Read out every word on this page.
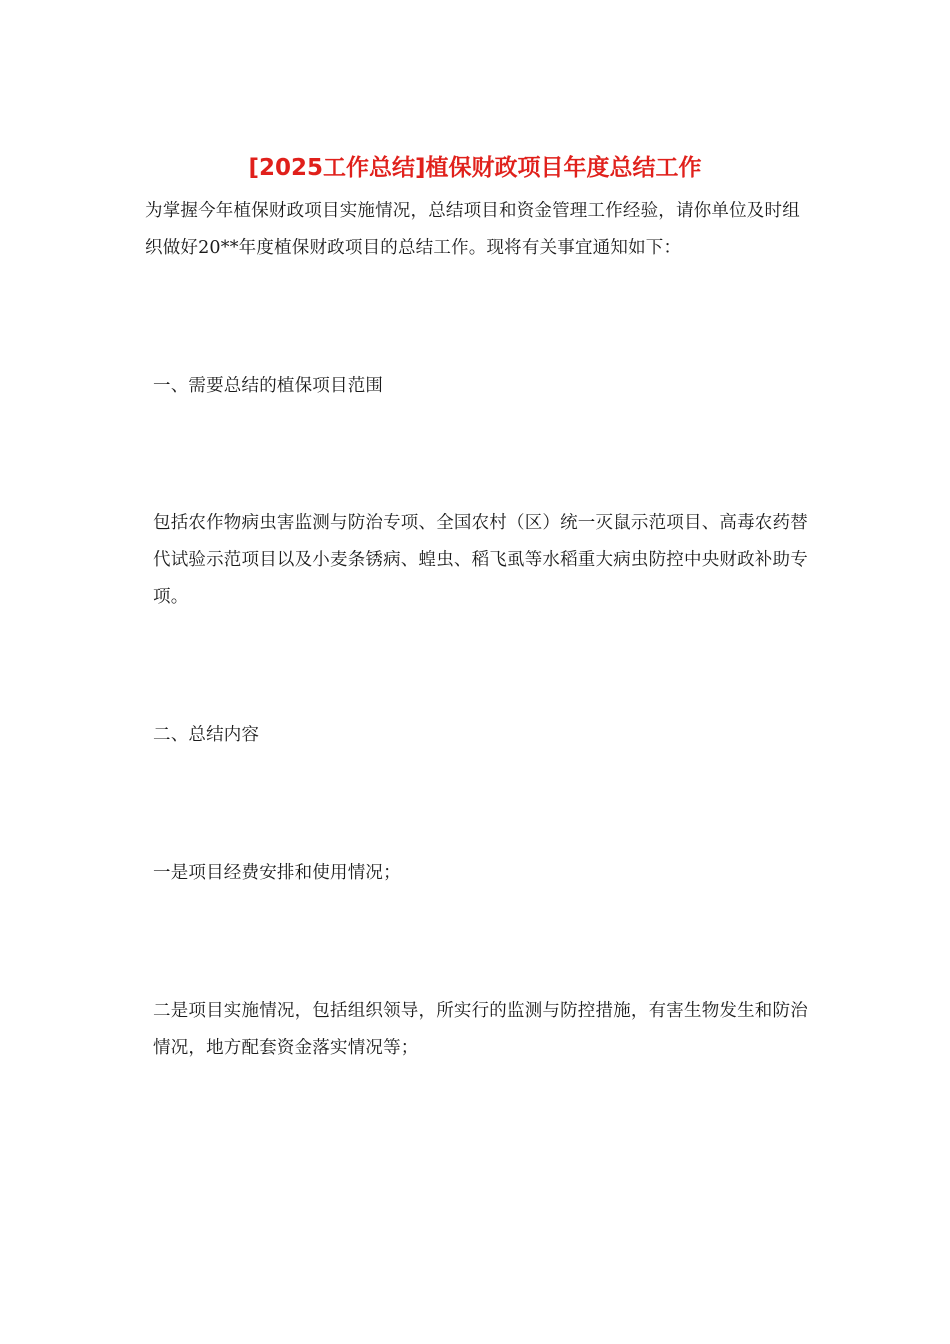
[2025工作总结]植保财政项目年度总结工作

为掌握今年植保财政项目实施情况，总结项目和资金管理工作经验，请你单位及时组织做好20**年度植保财政项目的总结工作。现将有关事宜通知如下：

一、需要总结的植保项目范围

包括农作物病虫害监测与防治专项、全国农村（区）统一灭鼠示范项目、高毒农药替代试验示范项目以及小麦条锈病、蝗虫、稻飞虱等水稻重大病虫防控中央财政补助专项。

二、总结内容

一是项目经费安排和使用情况；

二是项目实施情况，包括组织领导，所实行的监测与防控措施，有害生物发生和防治情况，地方配套资金落实情况等；
